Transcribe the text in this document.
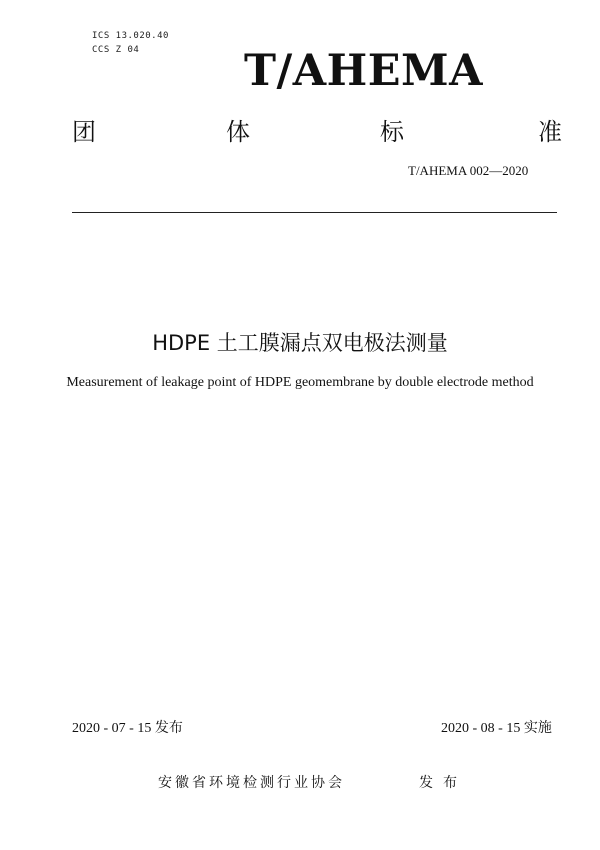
ICS 13.020.40
CCS Z 04 T/AHEMA
团	体	标	准
T/AHEMA 002—2020
HDPE 土工膜漏点双电极法测量
Measurement of leakage point of HDPE geomembrane by double electrode method
2020 - 07 - 15 发布	2020 - 08 - 15 实施
安徽省环境检测行业协会	发布
